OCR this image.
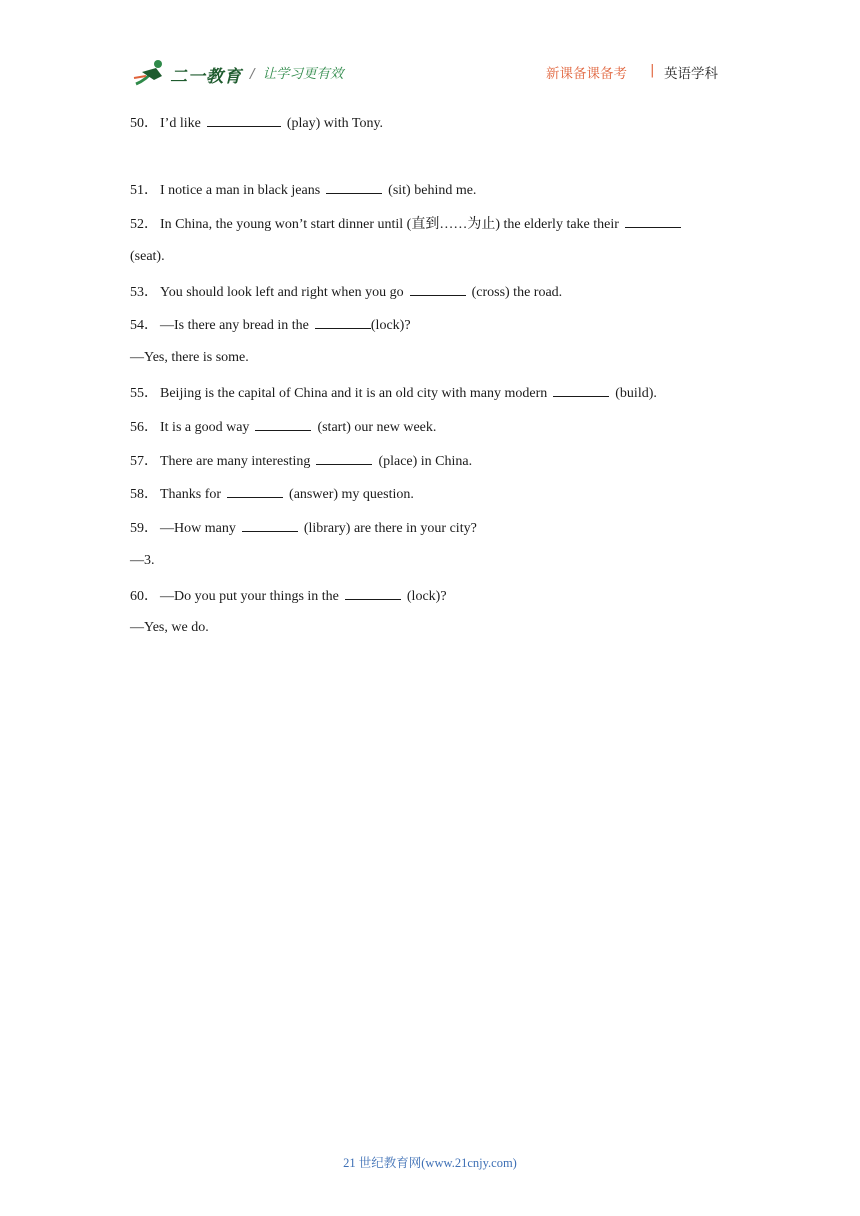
二一教育 / 让学习更有效	新课备课备考 | 英语学科
50． I’d like	(play) with Tony.
51． I notice a man in black jeans	(sit) behind me.
52． In China, the young won’t start dinner until (直到……为止) the elderly take their
(seat).
53． You should look left and right when you go	(cross) the road.
54． —Is there any bread in the	(lock)?
—Yes, there is some.
55． Beijing is the capital of China and it is an old city with many modern	(build).
56． It is a good way	(start) our new week.
57． There are many interesting	(place) in China.
58． Thanks for	(answer) my question.
59． —How many	(library) are there in your city?
—3.
60． —Do you put your things in the	(lock)?
—Yes, we do.
21 世纪教育网(www.21cnjy.com)
